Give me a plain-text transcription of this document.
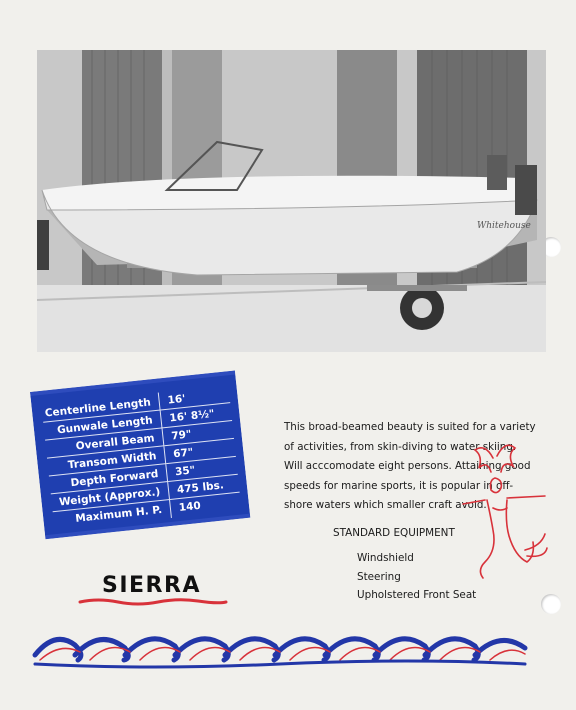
Whitehouse
Centerline Length	16'
Gunwale Length	16' 8½"
Overall Beam	79"
Transom Width	67"
Depth Forward	35"
Weight (Approx.)	475 lbs.
Maximum H. P.	140

This broad-beamed beauty is suited for a variety
of activities, from skin-diving to water skiing.
Will acccomodate eight persons. Attaining good
speeds for marine sports, it is popular in off-
shore waters which smaller craft avoid.

STANDARD EQUIPMENT
Windshield
Steering
Upholstered Front Seat
SIERRA
